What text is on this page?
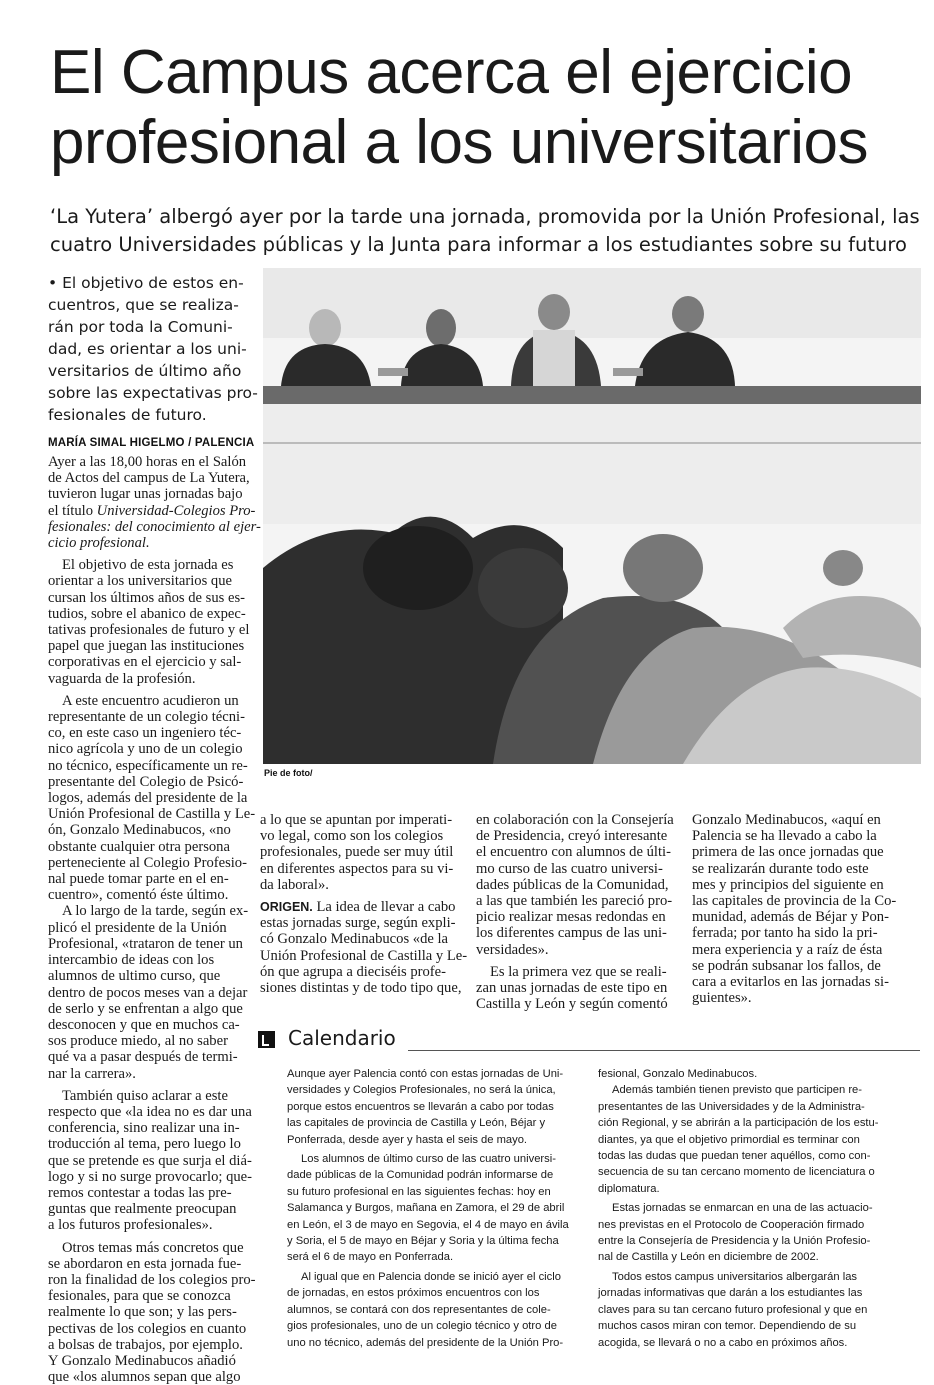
El Campus acerca el ejercicio
profesional a los universitarios
‘La Yutera’ albergó ayer por la tarde una jornada, promovida por la Unión Profesional, las
cuatro Universidades públicas y la Junta para informar a los estudiantes sobre su futuro
• El objetivo de estos en-
cuentros, que se realiza-
rán por toda la Comuni-
dad, es orientar a los uni-
versitarios de último año
sobre las expectativas pro-
fesionales de futuro.
MARÍA SIMAL HIGELMO / PALENCIA
Ayer a las 18,00 horas en el Salón
de Actos del campus de La Yutera,
tuvieron lugar unas jornadas bajo
el título Universidad-Colegios Pro-
fesionales: del conocimiento al ejer-
cicio profesional.
El objetivo de esta jornada es
orientar a los universitarios que
cursan los últimos años de sus es-
tudios, sobre el abanico de expec-
tativas profesionales de futuro y el
papel que juegan las instituciones
corporativas en el ejercicio y sal-
vaguarda de la profesión.
A este encuentro acudieron un
representante de un colegio técni-
co, en este caso un ingeniero téc-
nico agrícola y uno de un colegio
no técnico, específicamente un re-
presentante del Colegio de Psicó-
logos, además del presidente de la
Unión Profesional de Castilla y Le-
ón, Gonzalo Medinabucos, «no
obstante cualquier otra persona
perteneciente al Colegio Profesio-
nal puede tomar parte en el en-
cuentro», comentó éste último.
A lo largo de la tarde, según ex-
plicó el presidente de la Unión
Profesional, «trataron de tener un
intercambio de ideas con los
alumnos de ultimo curso, que
dentro de pocos meses van a dejar
de serlo y se enfrentan a algo que
desconocen y que en muchos ca-
sos produce miedo, al no saber
qué va a pasar después de termi-
nar la carrera».
También quiso aclarar a este
respecto que «la idea no es dar una
conferencia, sino realizar una in-
troducción al tema, pero luego lo
que se pretende es que surja el diá-
logo y si no surge provocarlo; que-
remos contestar a todas las pre-
guntas que realmente preocupan
a los futuros profesionales».
Otros temas más concretos que
se abordaron en esta jornada fue-
ron la finalidad de los colegios pro-
fesionales, para que se conozca
realmente lo que son; y las pers-
pectivas de los colegios en cuanto
a bolsas de trabajos, por ejemplo.
Y Gonzalo Medinabucos añadió
que «los alumnos sepan que algo
Pie de foto/
a lo que se apuntan por imperati-
vo legal, como son los colegios
profesionales, puede ser muy útil
en diferentes aspectos para su vi-
da laboral».
ORIGEN. La idea de llevar a cabo
estas jornadas surge, según expli-
có Gonzalo Medinabucos «de la
Unión Profesional de Castilla y Le-
ón que agrupa a dieciséis profe-
siones distintas y de todo tipo que,
en colaboración con la Consejería
de Presidencia, creyó interesante
el encuentro con alumnos de últi-
mo curso de las cuatro universi-
dades públicas de la Comunidad,
a las que también les pareció pro-
picio realizar mesas redondas en
los diferentes campus de las uni-
versidades».
Es la primera vez que se reali-
zan unas jornadas de este tipo en
Castilla y León y según comentó
Gonzalo Medinabucos, «aquí en
Palencia se ha llevado a cabo la
primera de las once jornadas que
se realizarán durante todo este
mes y principios del siguiente en
las capitales de provincia de la Co-
munidad, además de Béjar y Pon-
ferrada; por tanto ha sido la pri-
mera experiencia y a raíz de ésta
se podrán subsanar los fallos, de
cara a evitarlos en las jornadas si-
guientes».
Calendario
Aunque ayer Palencia contó con estas jornadas de Uni-
versidades y Colegios Profesionales, no será la única,
porque estos encuentros se llevarán a cabo por todas
las capitales de provincia de Castilla y León, Béjar y
Ponferrada, desde ayer y hasta el seis de mayo.
Los alumnos de último curso de las cuatro universi-
dade públicas de la Comunidad podrán informarse de
su futuro profesional en las siguientes fechas: hoy en
Salamanca y Burgos, mañana en Zamora, el 29 de abril
en León, el 3 de mayo en Segovia, el 4 de mayo en ávila
y Soria, el 5 de mayo en Béjar y Soria y la última fecha
será el 6 de mayo en Ponferrada.
Al igual que en Palencia donde se inició ayer el ciclo
de jornadas, en estos próximos encuentros con los
alumnos, se contará con dos representantes de cole-
gios profesionales, uno de un colegio técnico y otro de
uno no técnico, además del presidente de la Unión Pro-
fesional, Gonzalo Medinabucos.
Además también tienen previsto que participen re-
presentantes de las Universidades y de la Administra-
ción Regional, y se abrirán a la participación de los estu-
diantes, ya que el objetivo primordial es terminar con
todas las dudas que puedan tener aquéllos, como con-
secuencia de su tan cercano momento de licenciatura o
diplomatura.
Estas jornadas se enmarcan en una de las actuacio-
nes previstas en el Protocolo de Cooperación firmado
entre la Consejería de Presidencia y la Unión Profesio-
nal de Castilla y León en diciembre de 2002.
Todos estos campus universitarios albergarán las
jornadas informativas que darán a los estudiantes las
claves para su tan cercano futuro profesional y que en
muchos casos miran con temor. Dependiendo de su
acogida, se llevará o no a cabo en próximos años.
